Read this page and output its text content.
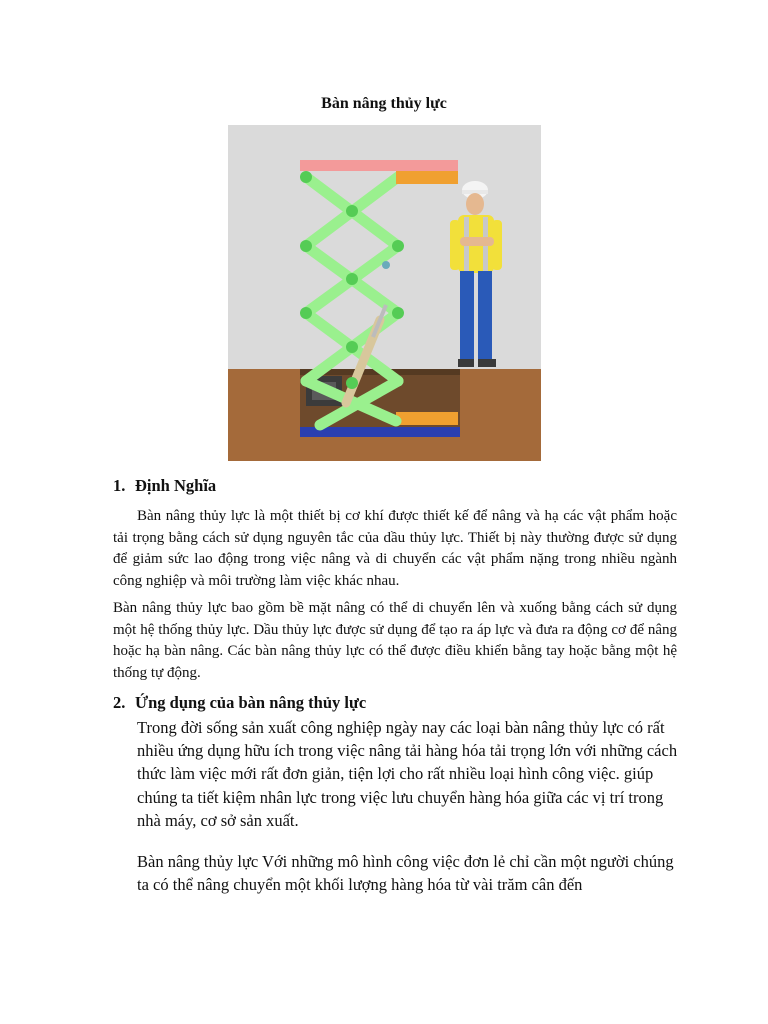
Bàn nâng thủy lực
1. Định Nghĩa

Bàn nâng thủy lực là một thiết bị cơ khí được thiết kế để nâng và hạ các vật phẩm hoặc tải trọng bằng cách sử dụng nguyên tắc của dầu thủy lực. Thiết bị này thường được sử dụng để giảm sức lao động trong việc nâng và di chuyển các vật phẩm nặng trong nhiều ngành công nghiệp và môi trường làm việc khác nhau.

Bàn nâng thủy lực bao gồm bề mặt nâng có thể di chuyển lên và xuống bằng cách sử dụng một hệ thống thủy lực. Dầu thủy lực được sử dụng để tạo ra áp lực và đưa ra động cơ để nâng hoặc hạ bàn nâng. Các bàn nâng thủy lực có thể được điều khiển bằng tay hoặc bằng một hệ thống tự động.

2. Ứng dụng của bàn nâng thủy lực

Trong đời sống sản xuất công nghiệp ngày nay các loại bàn nâng thủy lực có rất nhiều ứng dụng hữu ích trong việc nâng tải hàng hóa tải trọng lớn với những cách thức làm việc mới rất đơn giản, tiện lợi cho rất nhiều loại hình công việc. giúp chúng ta tiết kiệm nhân lực trong việc lưu chuyển hàng hóa giữa các vị trí trong nhà máy, cơ sở sản xuất.

Bàn nâng thủy lực Với những mô hình công việc đơn lẻ chỉ cần một người chúng ta có thể nâng chuyển một khối lượng hàng hóa từ vài trăm cân đến
